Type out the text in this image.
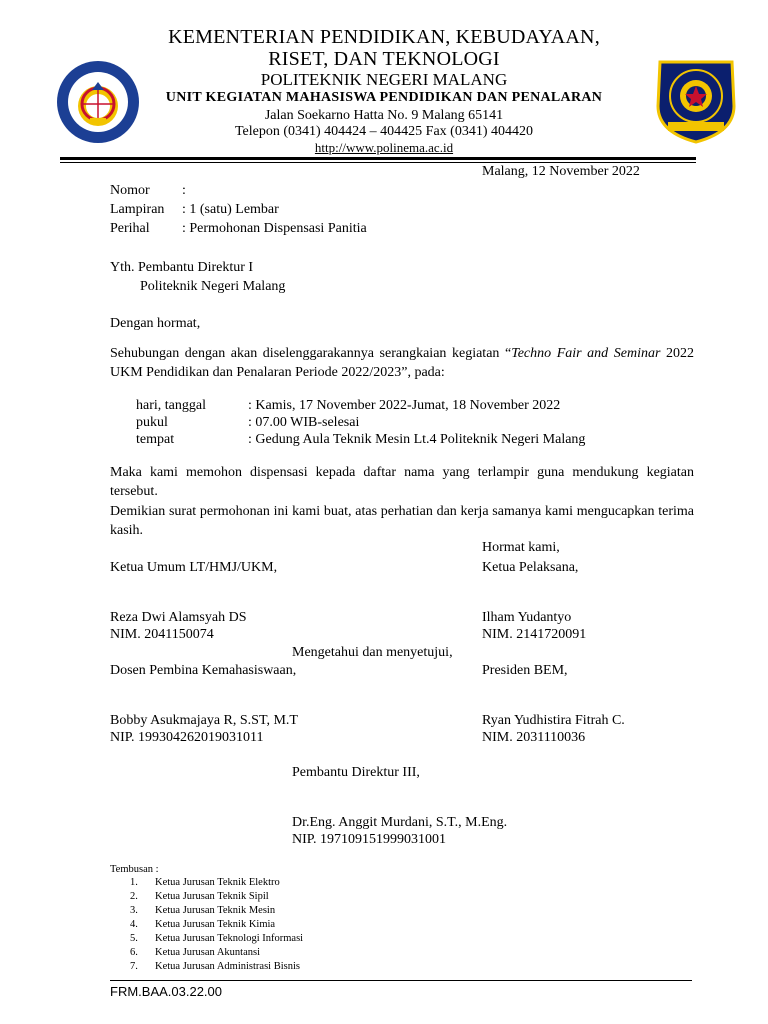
KEMENTERIAN PENDIDIKAN, KEBUDAYAAN,
RISET, DAN TEKNOLOGI
POLITEKNIK NEGERI MALANG
UNIT KEGIATAN MAHASISWA PENDIDIKAN DAN PENALARAN
Jalan Soekarno Hatta No. 9 Malang 65141
Telepon (0341) 404424 – 404425 Fax (0341) 404420
http://www.polinema.ac.id
Malang, 12 November 2022
Nomor :
Lampiran : 1 (satu) Lembar
Perihal : Permohonan Dispensasi Panitia
Yth. Pembantu Direktur I
Politeknik Negeri Malang
Dengan hormat,
Sehubungan dengan akan diselenggarakannya serangkaian kegiatan “Techno Fair and Seminar 2022 UKM Pendidikan dan Penalaran Periode 2022/2023”, pada:
hari, tanggal	: Kamis, 17 November 2022-Jumat, 18 November 2022
pukul	: 07.00 WIB-selesai
tempat	: Gedung Aula Teknik Mesin Lt.4 Politeknik Negeri Malang
Maka kami memohon dispensasi kepada daftar nama yang terlampir guna mendukung kegiatan tersebut.
Demikian surat permohonan ini kami buat, atas perhatian dan kerja samanya kami mengucapkan terima kasih.
Hormat kami,
Ketua Umum LT/HMJ/UKM,	Ketua Pelaksana,
Reza Dwi Alamsyah DS	Ilham Yudantyo
NIM. 2041150074	NIM. 2141720091
Mengetahui dan menyetujui,
Dosen Pembina Kemahasiswaan,	Presiden BEM,
Bobby Asukmajaya R, S.ST, M.T	Ryan Yudhistira Fitrah C.
NIP. 199304262019031011	NIM. 2031110036
Pembantu Direktur III,
Dr.Eng. Anggit Murdani, S.T., M.Eng.
NIP. 197109151999031001
Tembusan :
1. Ketua Jurusan Teknik Elektro
2. Ketua Jurusan Teknik Sipil
3. Ketua Jurusan Teknik Mesin
4. Ketua Jurusan Teknik Kimia
5. Ketua Jurusan Teknologi Informasi
6. Ketua Jurusan Akuntansi
7. Ketua Jurusan Administrasi Bisnis
FRM.BAA.03.22.00
